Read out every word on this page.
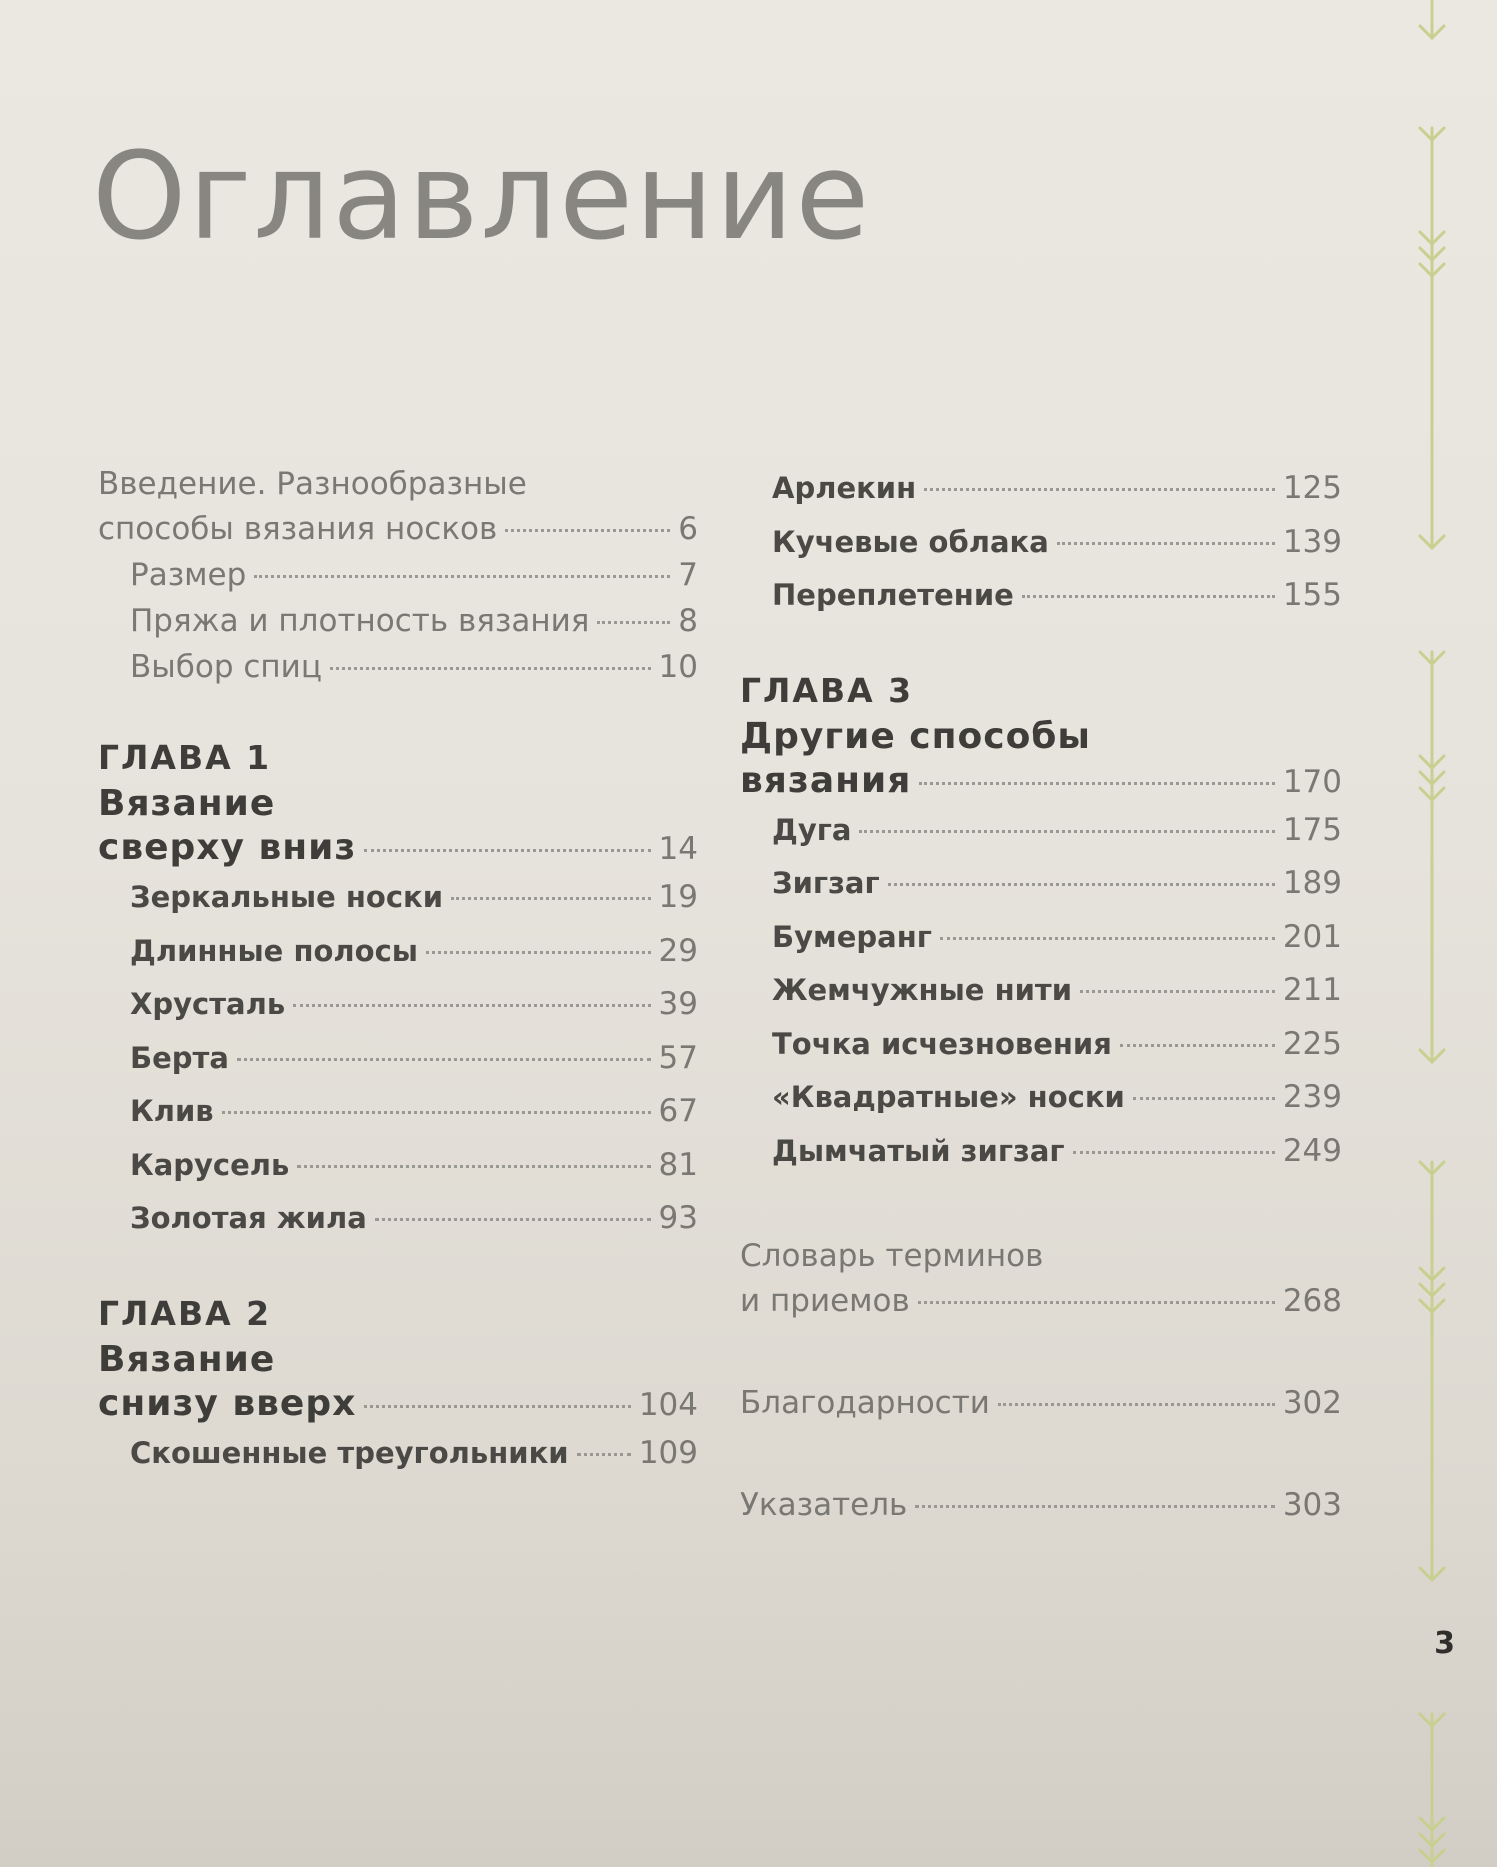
Оглавление
Введение. Разнообразные
способы вязания носков	6
Размер	7
Пряжа и плотность вязания	8
Выбор спиц	10
ГЛАВА 1
Вязание
сверху вниз	14
Зеркальные носки	19
Длинные полосы	29
Хрусталь	39
Берта	57
Клив	67
Карусель	81
Золотая жила	93
ГЛАВА 2
Вязание
снизу вверх	104
Скошенные треугольники 109
Арлекин	125
Кучевые облака	139
Переплетение	155
ГЛАВА 3
Другие способы
вязания	170
Дуга	175
Зигзаг	189
Бумеранг	201
Жемчужные нити	211
Точка исчезновения	225
«Квадратные» носки	239
Дымчатый зигзаг	249
Словарь терминов
и приемов	268
Благодарности	302
Указатель	303
3
